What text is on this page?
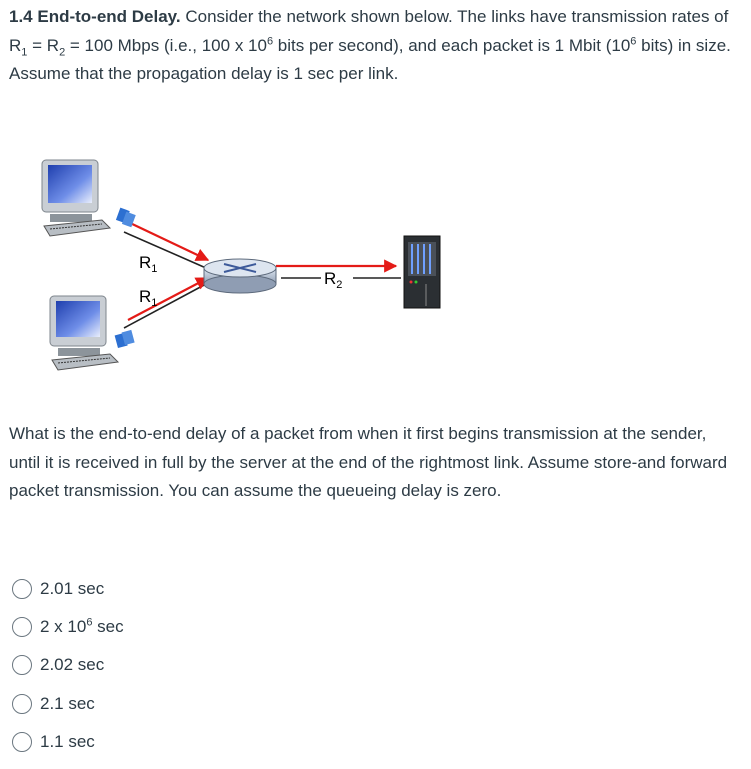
1.4 End-to-end Delay. Consider the network shown below. The links have transmission rates of $R_1 = R_2 = 100$ Mbps (i.e., 100 x $10^6$ bits per second), and each packet is 1 Mbit ($10^6$ bits) in size. Assume that the propagation delay is 1 sec per link.

$R_1$
$R_1$
$R_2$

What is the end-to-end delay of a packet from when it first begins transmission at the sender, until it is received in full by the server at the end of the rightmost link. Assume store-and forward packet transmission. You can assume the queueing delay is zero.

2.01 sec
2 x $10^6$ sec
2.02 sec
2.1 sec
1.1 sec
